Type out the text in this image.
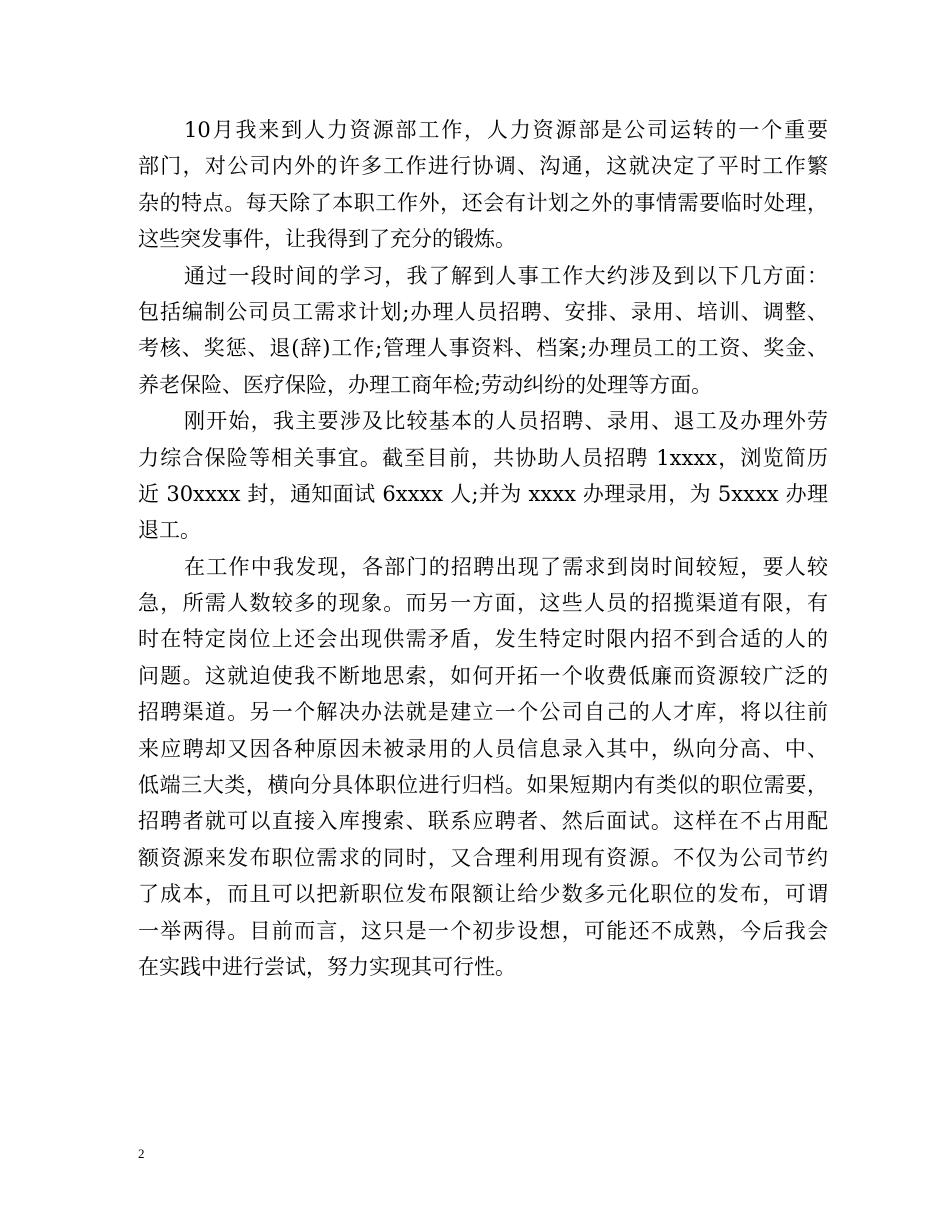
10月我来到人力资源部工作，人力资源部是公司运转的一个重要
部门，对公司内外的许多工作进行协调、沟通，这就决定了平时工作繁
杂的特点。每天除了本职工作外，还会有计划之外的事情需要临时处理，
这些突发事件，让我得到了充分的锻炼。
通过一段时间的学习，我了解到人事工作大约涉及到以下几方面：
包括编制公司员工需求计划;办理人员招聘、安排、录用、培训、调整、
考核、奖惩、退(辞)工作;管理人事资料、档案;办理员工的工资、奖金、
养老保险、医疗保险，办理工商年检;劳动纠纷的处理等方面。
刚开始，我主要涉及比较基本的人员招聘、录用、退工及办理外劳
力综合保险等相关事宜。截至目前，共协助人员招聘 1xxxx，浏览简历
近 30xxxx 封，通知面试 6xxxx 人;并为 xxxx 办理录用，为 5xxxx 办理
退工。
在工作中我发现，各部门的招聘出现了需求到岗时间较短，要人较
急，所需人数较多的现象。而另一方面，这些人员的招揽渠道有限，有
时在特定岗位上还会出现供需矛盾，发生特定时限内招不到合适的人的
问题。这就迫使我不断地思索，如何开拓一个收费低廉而资源较广泛的
招聘渠道。另一个解决办法就是建立一个公司自己的人才库，将以往前
来应聘却又因各种原因未被录用的人员信息录入其中，纵向分高、中、
低端三大类，横向分具体职位进行归档。如果短期内有类似的职位需要，
招聘者就可以直接入库搜索、联系应聘者、然后面试。这样在不占用配
额资源来发布职位需求的同时，又合理利用现有资源。不仅为公司节约
了成本，而且可以把新职位发布限额让给少数多元化职位的发布，可谓
一举两得。目前而言，这只是一个初步设想，可能还不成熟，今后我会
在实践中进行尝试，努力实现其可行性。
2
